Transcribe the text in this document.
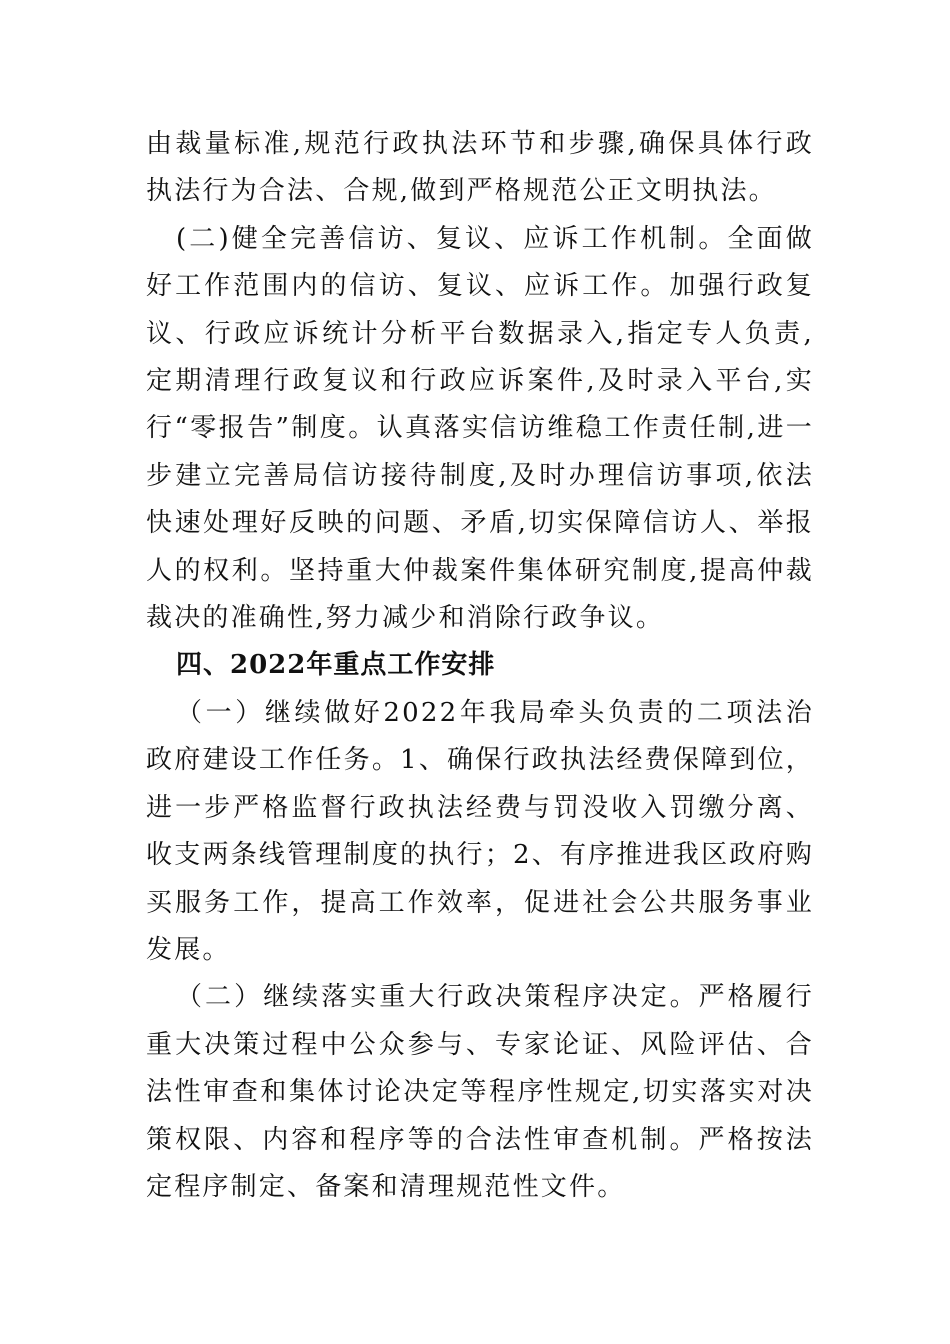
由裁量标准,规范行政执法环节和步骤,确保具体行政执法行为合法、合规,做到严格规范公正文明执法。

(二)健全完善信访、复议、应诉工作机制。全面做好工作范围内的信访、复议、应诉工作。加强行政复议、行政应诉统计分析平台数据录入,指定专人负责,定期清理行政复议和行政应诉案件,及时录入平台,实行“零报告”制度。认真落实信访维稳工作责任制,进一步建立完善局信访接待制度,及时办理信访事项,依法快速处理好反映的问题、矛盾,切实保障信访人、举报人的权利。坚持重大仲裁案件集体研究制度,提高仲裁裁决的准确性,努力减少和消除行政争议。

四、2022年重点工作安排

（一）继续做好2022年我局牵头负责的二项法治政府建设工作任务。1、确保行政执法经费保障到位，进一步严格监督行政执法经费与罚没收入罚缴分离、收支两条线管理制度的执行；2、有序推进我区政府购买服务工作，提高工作效率，促进社会公共服务事业发展。

（二）继续落实重大行政决策程序决定。严格履行重大决策过程中公众参与、专家论证、风险评估、合法性审查和集体讨论决定等程序性规定,切实落实对决策权限、内容和程序等的合法性审查机制。严格按法定程序制定、备案和清理规范性文件。
